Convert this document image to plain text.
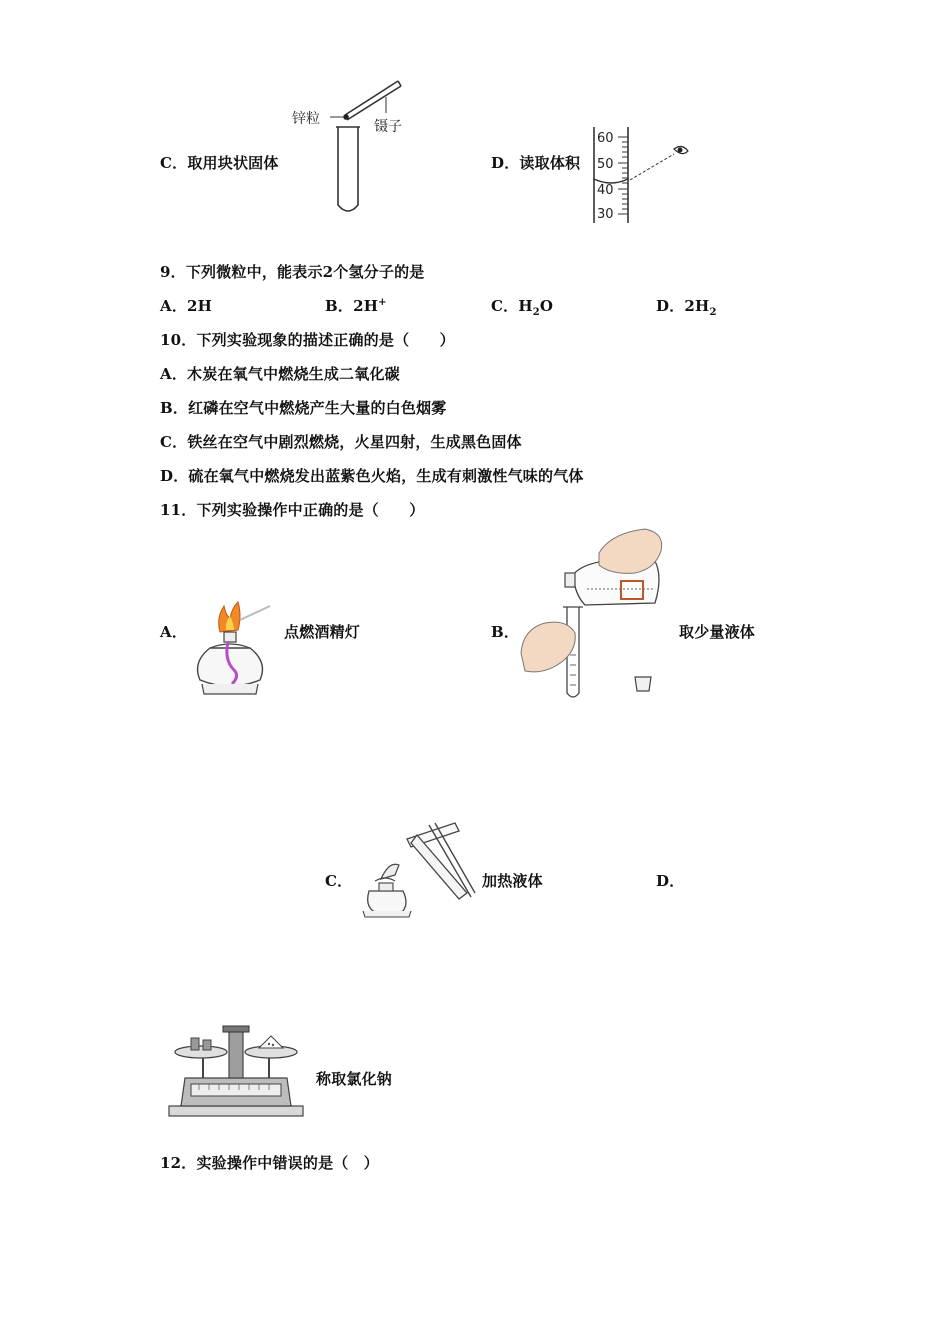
C．取用块状固体
锌粒	镊子
D．读取体积
60
50
40
30
9．下列微粒中，能表示2个氢分子的是
A．2H	B．2H+	C．$H_2O$	D．$2H_2$
10．下列实验现象的描述正确的是（　　）
A．木炭在氧气中燃烧生成二氧化碳
B．红磷在空气中燃烧产生大量的白色烟雾
C．铁丝在空气中剧烈燃烧，火星四射，生成黑色固体
D．硫在氧气中燃烧发出蓝紫色火焰，生成有刺激性气味的气体
11．下列实验操作中正确的是（　　）
A．	点燃酒精灯	B．	取少量液体
C．	加热液体	D．
称取氯化钠
12．实验操作中错误的是（　）
